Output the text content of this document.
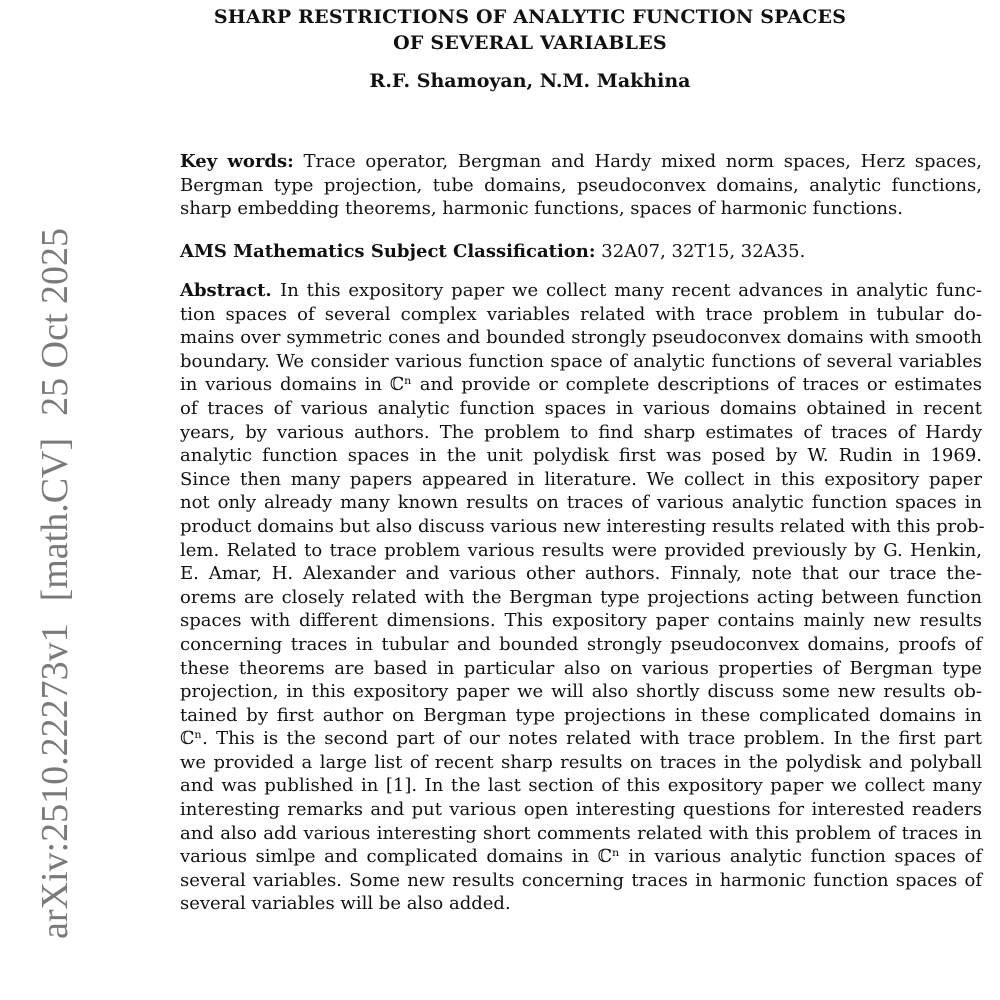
SHARP RESTRICTIONS OF ANALYTIC FUNCTION SPACES
OF SEVERAL VARIABLES
R.F. Shamoyan, N.M. Makhina
arXiv:2510.22273v1[math.CV]25 Oct 2025
Key words: Trace operator, Bergman and Hardy mixed norm spaces, Herz spaces, Bergman type projection, tube domains, pseudoconvex domains, analytic functions, sharp embedding theorems, harmonic functions, spaces of harmonic functions.
AMS Mathematics Subject Classification: 32A07, 32T15, 32A35.
Abstract. In this expository paper we collect many recent advances in analytic func-
tion spaces of several complex variables related with trace problem in tubular do-
mains over symmetric cones and bounded strongly pseudoconvex domains with smooth
boundary. We consider various function space of analytic functions of several variables
in various domains in ℂⁿ and provide or complete descriptions of traces or estimates
of traces of various analytic function spaces in various domains obtained in recent
years, by various authors. The problem to find sharp estimates of traces of Hardy
analytic function spaces in the unit polydisk first was posed by W. Rudin in 1969.
Since then many papers appeared in literature. We collect in this expository paper
not only already many known results on traces of various analytic function spaces in
product domains but also discuss various new interesting results related with this prob-
lem. Related to trace problem various results were provided previously by G. Henkin,
E. Amar, H. Alexander and various other authors. Finnaly, note that our trace the-
orems are closely related with the Bergman type projections acting between function
spaces with different dimensions. This expository paper contains mainly new results
concerning traces in tubular and bounded strongly pseudoconvex domains, proofs of
these theorems are based in particular also on various properties of Bergman type
projection, in this expository paper we will also shortly discuss some new results ob-
tained by first author on Bergman type projections in these complicated domains in
ℂⁿ. This is the second part of our notes related with trace problem. In the first part
we provided a large list of recent sharp results on traces in the polydisk and polyball
and was published in [1]. In the last section of this expository paper we collect many
interesting remarks and put various open interesting questions for interested readers
and also add various interesting short comments related with this problem of traces in
various simlpe and complicated domains in ℂⁿ in various analytic function spaces of
several variables. Some new results concerning traces in harmonic function spaces of
several variables will be also added.
